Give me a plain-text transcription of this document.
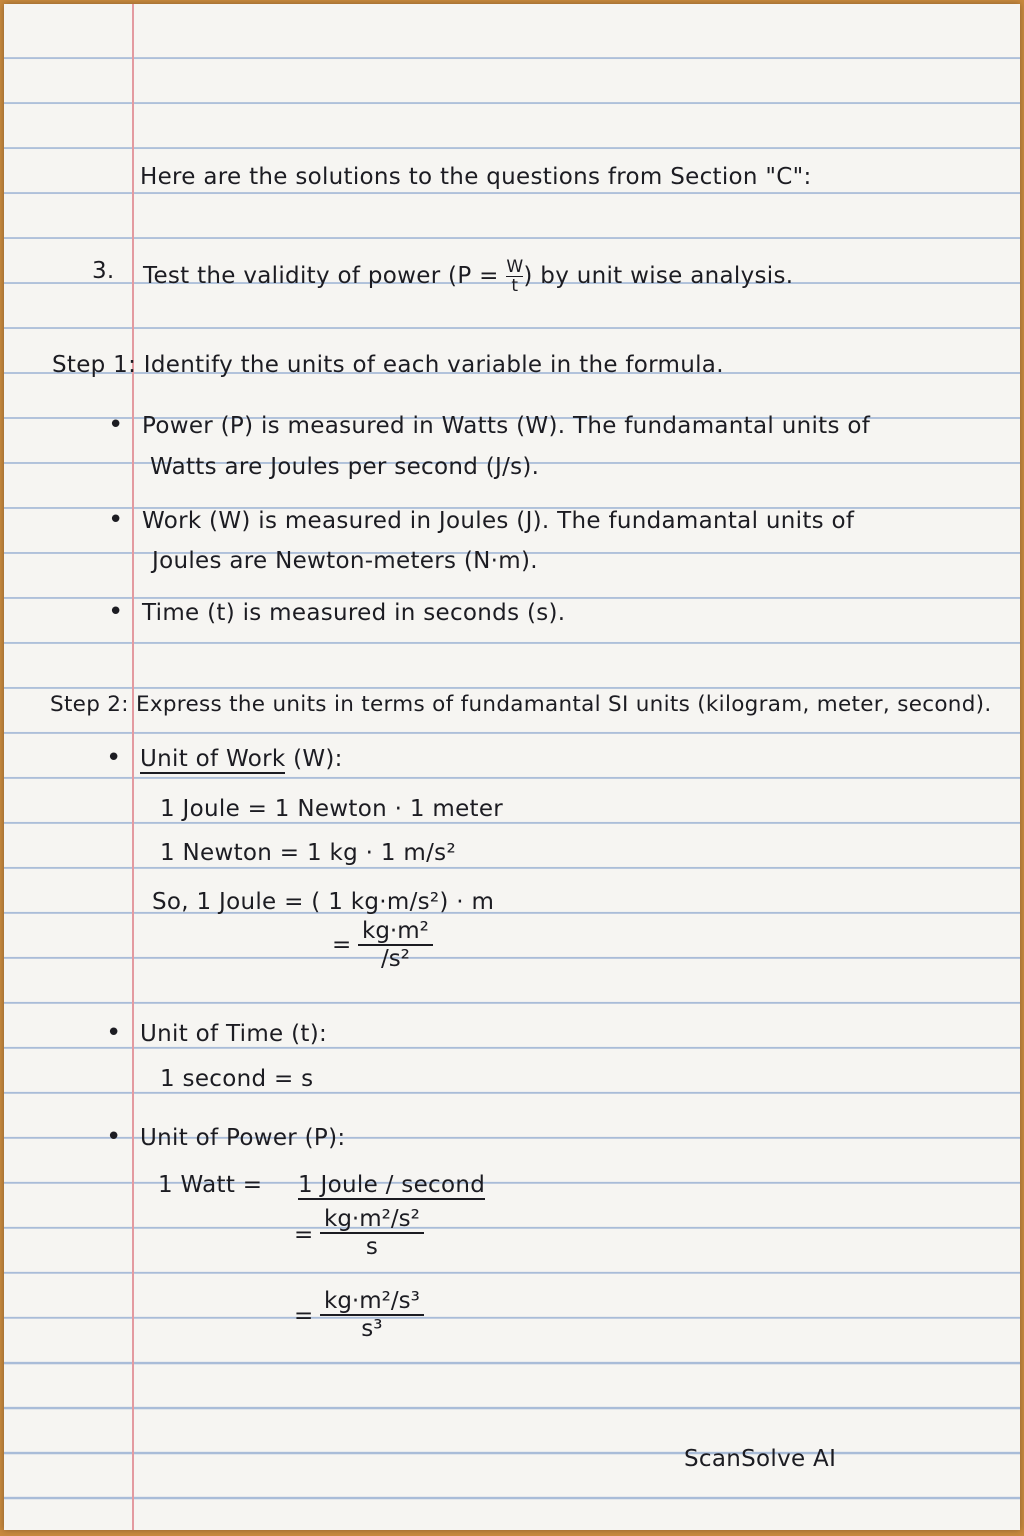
Here are the solutions to the questions from Section "C":
3. Test the validity of power ($P = \frac{W}{t}$ ) by unit wise analysis.
Step 1: Identify the units of each variable in the formula.
• Power (P) is measured in Watts (W). The fundamantal units of
Watts are Joules per second (J/s).
• Work (W) is measured in Joules (J). The fundamantal units of
Joules are Newton-meters (N·m).
• Time (t) is measured in seconds (s).
Step 2: Express the units in terms of fundamantal SI units (kilogram, meter, second).
• Unit of Work (W):
1 Joule = 1 Newton · 1 meter
1 Newton = 1 kg · 1 m/s²
So, 1 Joule = ( 1 kg·m/s²) · m
= $\frac{\text{kg·m²}}{\text{/s²}}$
• Unit of Time (t):
1 second = s
• Unit of Power (P):
1 Watt = 1 Joule / second
= $\frac{\text{kg·m²/s²}}{s}$
= $\frac{\text{kg·m²/s³}}{\text{s³}}$
ScanSolve AI
